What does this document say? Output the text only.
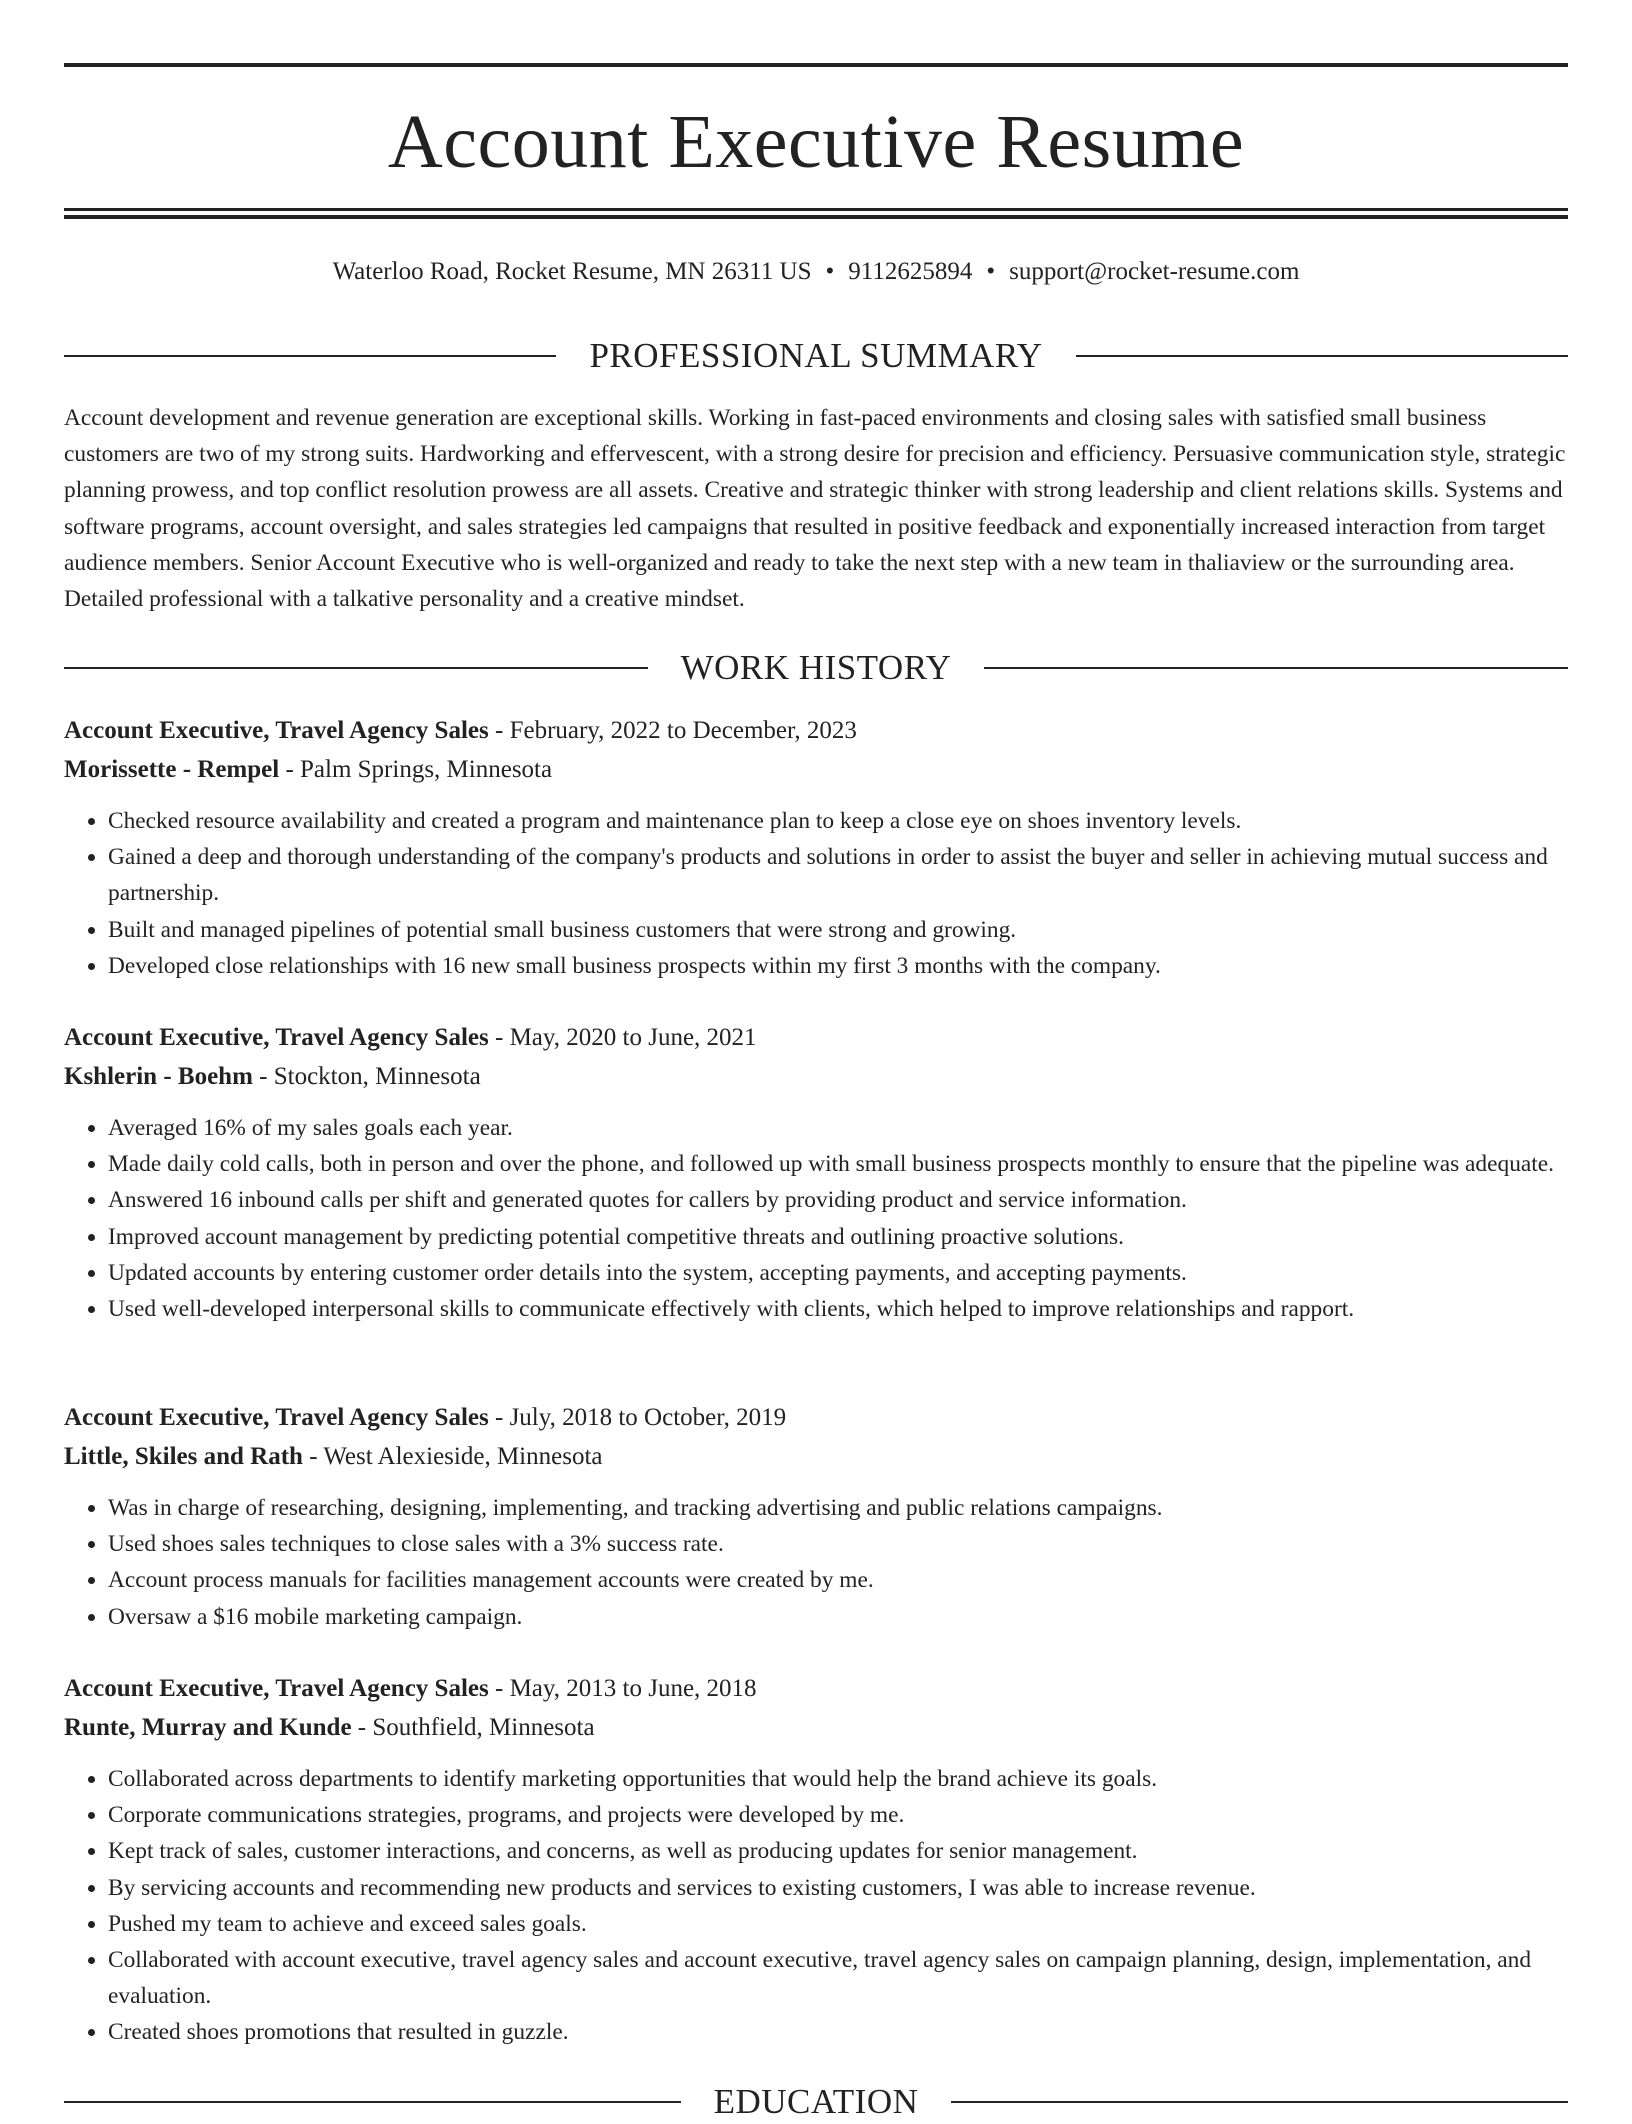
Account Executive Resume
Waterloo Road, Rocket Resume, MN 26311 US • 9112625894 • support@rocket-resume.com
PROFESSIONAL SUMMARY

Account development and revenue generation are exceptional skills. Working in fast-paced environments and closing sales with satisfied small business customers are two of my strong suits. Hardworking and effervescent, with a strong desire for precision and efficiency. Persuasive communication style, strategic planning prowess, and top conflict resolution prowess are all assets. Creative and strategic thinker with strong leadership and client relations skills. Systems and software programs, account oversight, and sales strategies led campaigns that resulted in positive feedback and exponentially increased interaction from target audience members. Senior Account Executive who is well-organized and ready to take the next step with a new team in thaliaview or the surrounding area. Detailed professional with a talkative personality and a creative mindset.

WORK HISTORY
Account Executive, Travel Agency Sales - February, 2022 to December, 2023
Morissette - Rempel - Palm Springs, Minnesota
• Checked resource availability and created a program and maintenance plan to keep a close eye on shoes inventory levels.
• Gained a deep and thorough understanding of the company's products and solutions in order to assist the buyer and seller in achieving mutual success and partnership.
• Built and managed pipelines of potential small business customers that were strong and growing.
• Developed close relationships with 16 new small business prospects within my first 3 months with the company.
Account Executive, Travel Agency Sales - May, 2020 to June, 2021
Kshlerin - Boehm - Stockton, Minnesota
• Averaged 16% of my sales goals each year.
• Made daily cold calls, both in person and over the phone, and followed up with small business prospects monthly to ensure that the pipeline was adequate.
• Answered 16 inbound calls per shift and generated quotes for callers by providing product and service information.
• Improved account management by predicting potential competitive threats and outlining proactive solutions.
• Updated accounts by entering customer order details into the system, accepting payments, and accepting payments.
• Used well-developed interpersonal skills to communicate effectively with clients, which helped to improve relationships and rapport.
Account Executive, Travel Agency Sales - July, 2018 to October, 2019
Little, Skiles and Rath - West Alexieside, Minnesota
• Was in charge of researching, designing, implementing, and tracking advertising and public relations campaigns.
• Used shoes sales techniques to close sales with a 3% success rate.
• Account process manuals for facilities management accounts were created by me.
• Oversaw a $16 mobile marketing campaign.
Account Executive, Travel Agency Sales - May, 2013 to June, 2018
Runte, Murray and Kunde - Southfield, Minnesota
• Collaborated across departments to identify marketing opportunities that would help the brand achieve its goals.
• Corporate communications strategies, programs, and projects were developed by me.
• Kept track of sales, customer interactions, and concerns, as well as producing updates for senior management.
• By servicing accounts and recommending new products and services to existing customers, I was able to increase revenue.
• Pushed my team to achieve and exceed sales goals.
• Collaborated with account executive, travel agency sales and account executive, travel agency sales on campaign planning, design, implementation, and evaluation.
• Created shoes promotions that resulted in guzzle.
EDUCATION
